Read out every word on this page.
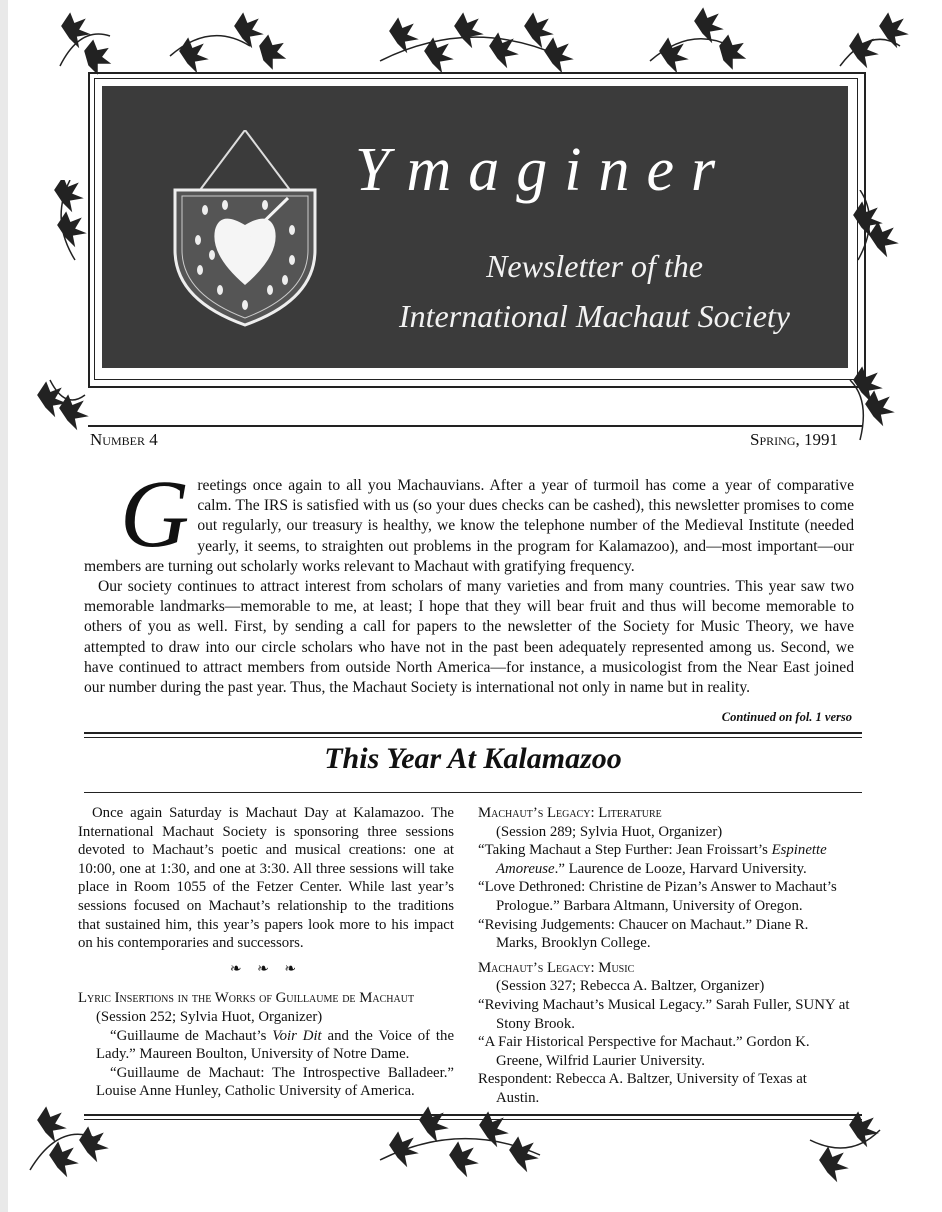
Ymaginer
Newsletter of the
International Machaut Society
Number 4	Spring, 1991
G reetings once again to all you Machauvians. After a year of turmoil has come a year of comparative calm. The IRS is satisfied with us (so your dues checks can be cashed), this newsletter promises to come out regularly, our treasury is healthy, we know the telephone number of the Medieval Institute (needed yearly, it seems, to straighten out problems in the program for Kalamazoo), and—most important—our members are turning out scholarly works relevant to Machaut with gratifying frequency.

Our society continues to attract interest from scholars of many varieties and from many countries. This year saw two memorable landmarks—memorable to me, at least; I hope that they will bear fruit and thus will become memorable to others of you as well. First, by sending a call for papers to the newsletter of the Society for Music Theory, we have attempted to draw into our circle scholars who have not in the past been adequately represented among us. Second, we have continued to attract members from outside North America—for instance, a musicologist from the Near East joined our number during the past year. Thus, the Machaut Society is international not only in name but in reality.

Continued on fol. 1 verso
This Year At Kalamazoo

Once again Saturday is Machaut Day at Kalamazoo. The International Machaut Society is sponsoring three sessions devoted to Machaut’s poetic and musical creations: one at 10:00, one at 1:30, and one at 3:30. All three sessions will take place in Room 1055 of the Fetzer Center. While last year’s sessions focused on Machaut’s relationship to the traditions that sustained him, this year’s papers look more to his impact on his contemporaries and successors.

❧ ❧ ❧

Lyric Insertions in the Works of Guillaume de Machaut

(Session 252; Sylvia Huot, Organizer)

“Guillaume de Machaut’s Voir Dit and the Voice of the Lady.” Maureen Boulton, University of Notre Dame.

“Guillaume de Machaut: The Introspective Balladeer.” Louise Anne Hunley, Catholic University of America.

Machaut’s Legacy: Literature

(Session 289; Sylvia Huot, Organizer)

“Taking Machaut a Step Further: Jean Froissart’s Espinette Amoreuse.” Laurence de Looze, Harvard University.

“Love Dethroned: Christine de Pizan’s Answer to Machaut’s Prologue.” Barbara Altmann, University of Oregon.

“Revising Judgements: Chaucer on Machaut.” Diane R. Marks, Brooklyn College.

Machaut’s Legacy: Music

(Session 327; Rebecca A. Baltzer, Organizer)

“Reviving Machaut’s Musical Legacy.” Sarah Fuller, SUNY at Stony Brook.

“A Fair Historical Perspective for Machaut.” Gordon K. Greene, Wilfrid Laurier University.

Respondent: Rebecca A. Baltzer, University of Texas at Austin.
